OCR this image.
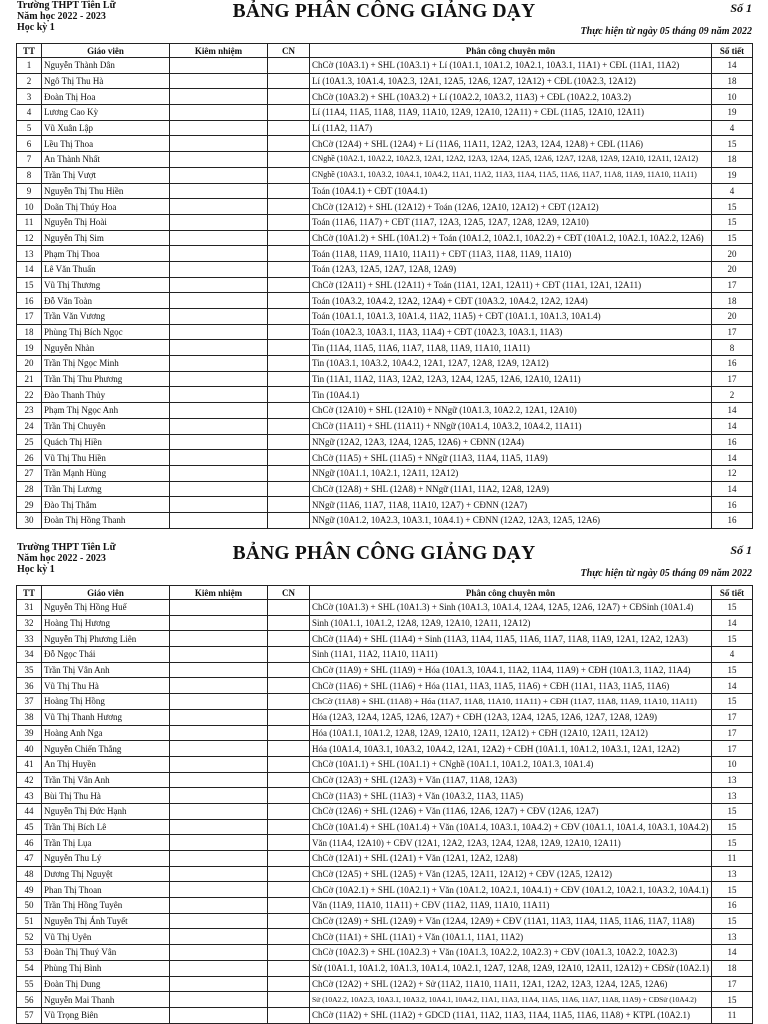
Trường THPT Tiên Lữ
Năm học 2022 - 2023
Học kỳ 1
BẢNG PHÂN CÔNG GIẢNG DẠY	Số 1
Thực hiện từ ngày 05 tháng 09 năm 2022
TT	Giáo viên	Kiêm nhiệm	CN	Phân công chuyên môn	Số tiết
1	Nguyễn Thành Dân			ChCờ (10A3.1) + SHL (10A3.1) + Lí (10A1.1, 10A1.2, 10A2.1, 10A3.1, 11A1) + CĐL (11A1, 11A2)	14
2	Ngô Thị Thu Hà			Lí (10A1.3, 10A1.4, 10A2.3, 12A1, 12A5, 12A6, 12A7, 12A12) + CĐL (10A2.3, 12A12)	18
3	Đoàn Thị Hoa			ChCờ (10A3.2) + SHL (10A3.2) + Lí (10A2.2, 10A3.2, 11A3) + CĐL (10A2.2, 10A3.2)	10
4	Lương Cao Kỳ			Lí (11A4, 11A5, 11A8, 11A9, 11A10, 12A9, 12A10, 12A11) + CĐL (11A5, 12A10, 12A11)	19
5	Vũ Xuân Lập			Lí (11A2, 11A7)	4
6	Lều Thị Thoa			ChCờ (12A4) + SHL (12A4) + Lí (11A6, 11A11, 12A2, 12A3, 12A4, 12A8) + CĐL (11A6)	15
7	An Thành Nhất			CNghề (10A2.1, 10A2.2, 10A2.3, 12A1, 12A2, 12A3, 12A4, 12A5, 12A6, 12A7, 12A8, 12A9, 12A10, 12A11, 12A12)	18
8	Trần Thị Vượt			CNghề (10A3.1, 10A3.2, 10A4.1, 10A4.2, 11A1, 11A2, 11A3, 11A4, 11A5, 11A6, 11A7, 11A8, 11A9, 11A10, 11A11)	19
9	Nguyễn Thị Thu Hiền			Toán (10A4.1) + CĐT (10A4.1)	4
10	Doãn Thị Thúy Hoa			ChCờ (12A12) + SHL (12A12) + Toán (12A6, 12A10, 12A12) + CĐT (12A12)	15
11	Nguyễn Thị Hoài			Toán (11A6, 11A7) + CĐT (11A7, 12A3, 12A5, 12A7, 12A8, 12A9, 12A10)	15
12	Nguyễn Thị Sim			ChCờ (10A1.2) + SHL (10A1.2) + Toán (10A1.2, 10A2.1, 10A2.2) + CĐT (10A1.2, 10A2.1, 10A2.2, 12A6)	15
13	Phạm Thị Thoa			Toán (11A8, 11A9, 11A10, 11A11) + CĐT (11A3, 11A8, 11A9, 11A10)	20
14	Lê Văn Thuấn			Toán (12A3, 12A5, 12A7, 12A8, 12A9)	20
15	Vũ Thị Thương			ChCờ (12A11) + SHL (12A11) + Toán (11A1, 12A1, 12A11) + CĐT (11A1, 12A1, 12A11)	17
16	Đỗ Văn Toàn			Toán (10A3.2, 10A4.2, 12A2, 12A4) + CĐT (10A3.2, 10A4.2, 12A2, 12A4)	18
17	Trần Văn Vương			Toán (10A1.1, 10A1.3, 10A1.4, 11A2, 11A5) + CĐT (10A1.1, 10A1.3, 10A1.4)	20
18	Phùng Thị Bích Ngọc			Toán (10A2.3, 10A3.1, 11A3, 11A4) + CĐT (10A2.3, 10A3.1, 11A3)	17
19	Nguyễn Nhàn			Tin (11A4, 11A5, 11A6, 11A7, 11A8, 11A9, 11A10, 11A11)	8
20	Trần Thị Ngọc Minh			Tin (10A3.1, 10A3.2, 10A4.2, 12A1, 12A7, 12A8, 12A9, 12A12)	16
21	Trần Thị Thu Phương			Tin (11A1, 11A2, 11A3, 12A2, 12A3, 12A4, 12A5, 12A6, 12A10, 12A11)	17
22	Đào Thanh Thủy			Tin (10A4.1)	2
23	Phạm Thị Ngọc Anh			ChCờ (12A10) + SHL (12A10) + NNgữ (10A1.3, 10A2.2, 12A1, 12A10)	14
24	Trần Thị Chuyên			ChCờ (11A11) + SHL (11A11) + NNgữ (10A1.4, 10A3.2, 10A4.2, 11A11)	14
25	Quách Thị Hiền			NNgữ (12A2, 12A3, 12A4, 12A5, 12A6) + CĐNN (12A4)	16
26	Vũ Thị Thu Hiền			ChCờ (11A5) + SHL (11A5) + NNgữ (11A3, 11A4, 11A5, 11A9)	14
27	Trần Mạnh Hùng			NNgữ (10A1.1, 10A2.1, 12A11, 12A12)	12
28	Trần Thị Lương			ChCờ (12A8) + SHL (12A8) + NNgữ (11A1, 11A2, 12A8, 12A9)	14
29	Đào Thị Thắm			NNgữ (11A6, 11A7, 11A8, 11A10, 12A7) + CĐNN (12A7)	16
30	Đoàn Thị Hồng Thanh			NNgữ (10A1.2, 10A2.3, 10A3.1, 10A4.1) + CĐNN (12A2, 12A3, 12A5, 12A6)	16
Trường THPT Tiên Lữ
Năm học 2022 - 2023
Học kỳ 1
BẢNG PHÂN CÔNG GIẢNG DẠY	Số 1
Thực hiện từ ngày 05 tháng 09 năm 2022
TT	Giáo viên	Kiêm nhiệm	CN	Phân công chuyên môn	Số tiết
31	Nguyễn Thị Hồng Huế			ChCờ (10A1.3) + SHL (10A1.3) + Sinh (10A1.3, 10A1.4, 12A4, 12A5, 12A6, 12A7) + CĐSinh (10A1.4)	15
32	Hoàng Thị Hương			Sinh (10A1.1, 10A1.2, 12A8, 12A9, 12A10, 12A11, 12A12)	14
33	Nguyễn Thị Phương Liên			ChCờ (11A4) + SHL (11A4) + Sinh (11A3, 11A4, 11A5, 11A6, 11A7, 11A8, 11A9, 12A1, 12A2, 12A3)	15
34	Đỗ Ngọc Thái			Sinh (11A1, 11A2, 11A10, 11A11)	4
35	Trần Thị Vân Anh			ChCờ (11A9) + SHL (11A9) + Hóa (10A1.3, 10A4.1, 11A2, 11A4, 11A9) + CĐH (10A1.3, 11A2, 11A4)	15
36	Vũ Thị Thu Hà			ChCờ (11A6) + SHL (11A6) + Hóa (11A1, 11A3, 11A5, 11A6) + CĐH (11A1, 11A3, 11A5, 11A6)	14
37	Hoàng Thị Hồng			ChCờ (11A8) + SHL (11A8) + Hóa (11A7, 11A8, 11A10, 11A11) + CĐH (11A7, 11A8, 11A9, 11A10, 11A11)	15
38	Vũ Thị Thanh Hương			Hóa (12A3, 12A4, 12A5, 12A6, 12A7) + CĐH (12A3, 12A4, 12A5, 12A6, 12A7, 12A8, 12A9)	17
39	Hoàng Anh Nga			Hóa (10A1.1, 10A1.2, 12A8, 12A9, 12A10, 12A11, 12A12) + CĐH (12A10, 12A11, 12A12)	17
40	Nguyễn Chiến Thắng			Hóa (10A1.4, 10A3.1, 10A3.2, 10A4.2, 12A1, 12A2) + CĐH (10A1.1, 10A1.2, 10A3.1, 12A1, 12A2)	17
41	An Thị Huyền			ChCờ (10A1.1) + SHL (10A1.1) + CNghề (10A1.1, 10A1.2, 10A1.3, 10A1.4)	10
42	Trần Thị Vân Anh			ChCờ (12A3) + SHL (12A3) + Văn (11A7, 11A8, 12A3)	13
43	Bùi Thị Thu Hà			ChCờ (11A3) + SHL (11A3) + Văn (10A3.2, 11A3, 11A5)	13
44	Nguyễn Thị Đức Hạnh			ChCờ (12A6) + SHL (12A6) + Văn (11A6, 12A6, 12A7) + CĐV (12A6, 12A7)	15
45	Trần Thị Bích Lê			ChCờ (10A1.4) + SHL (10A1.4) + Văn (10A1.4, 10A3.1, 10A4.2) + CĐV (10A1.1, 10A1.4, 10A3.1, 10A4.2)	15
46	Trần Thị Lụa			Văn (11A4, 12A10) + CĐV (12A1, 12A2, 12A3, 12A4, 12A8, 12A9, 12A10, 12A11)	15
47	Nguyễn Thu Lý			ChCờ (12A1) + SHL (12A1) + Văn (12A1, 12A2, 12A8)	11
48	Dương Thị Nguyệt			ChCờ (12A5) + SHL (12A5) + Văn (12A5, 12A11, 12A12) + CĐV (12A5, 12A12)	13
49	Phan Thị Thoan			ChCờ (10A2.1) + SHL (10A2.1) + Văn (10A1.2, 10A2.1, 10A4.1) + CĐV (10A1.2, 10A2.1, 10A3.2, 10A4.1)	15
50	Trần Thị Hồng Tuyên			Văn (11A9, 11A10, 11A11) + CĐV (11A2, 11A9, 11A10, 11A11)	16
51	Nguyễn Thị Ánh Tuyết			ChCờ (12A9) + SHL (12A9) + Văn (12A4, 12A9) + CĐV (11A1, 11A3, 11A4, 11A5, 11A6, 11A7, 11A8)	15
52	Vũ Thị Uyên			ChCờ (11A1) + SHL (11A1) + Văn (10A1.1, 11A1, 11A2)	13
53	Đoàn Thị Thuý Vân			ChCờ (10A2.3) + SHL (10A2.3) + Văn (10A1.3, 10A2.2, 10A2.3) + CĐV (10A1.3, 10A2.2, 10A2.3)	14
54	Phùng Thị Bình			Sử (10A1.1, 10A1.2, 10A1.3, 10A1.4, 10A2.1, 12A7, 12A8, 12A9, 12A10, 12A11, 12A12) + CĐSử (10A2.1)	18
55	Đoàn Thị Dung			ChCờ (12A2) + SHL (12A2) + Sử (11A2, 11A10, 11A11, 12A1, 12A2, 12A3, 12A4, 12A5, 12A6)	17
56	Nguyễn Mai Thanh			Sử (10A2.2, 10A2.3, 10A3.1, 10A3.2, 10A4.1, 10A4.2, 11A1, 11A3, 11A4, 11A5, 11A6, 11A7, 11A8, 11A9) + CĐSử (10A4.2)	15
57	Vũ Trọng Biên			ChCờ (11A2) + SHL (11A2) + GDCD (11A1, 11A2, 11A3, 11A4, 11A5, 11A6, 11A8) + KTPL (10A2.1)	11
